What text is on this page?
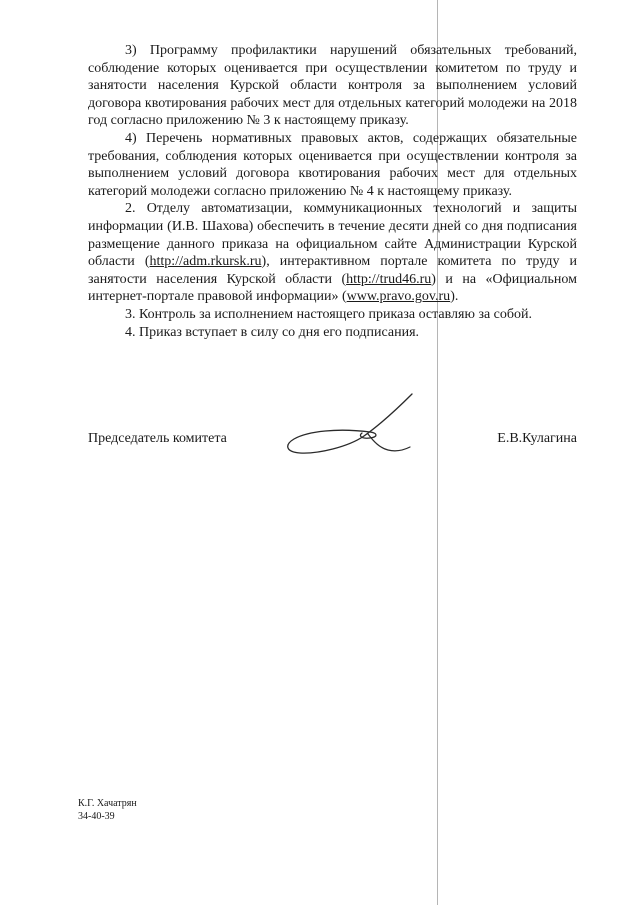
3) Программу профилактики нарушений обязательных требований, соблюдение которых оценивается при осуществлении комитетом по труду и занятости населения Курской области контроля за выполнением условий договора квотирования рабочих мест для отдельных категорий молодежи на 2018 год согласно приложению № 3 к настоящему приказу.

4) Перечень нормативных правовых актов, содержащих обязательные требования, соблюдения которых оценивается при осуществлении контроля за выполнением условий договора квотирования рабочих мест для отдельных категорий молодежи согласно приложению № 4 к настоящему приказу.

2. Отделу автоматизации, коммуникационных технологий и защиты информации (И.В. Шахова) обеспечить в течение десяти дней со дня подписания размещение данного приказа на официальном сайте Администрации Курской области (http://adm.rkursk.ru), интерактивном портале комитета по труду и занятости населения Курской области (http://trud46.ru) и на «Официальном интернет-портале правовой информации» (www.pravo.gov.ru).

3. Контроль за исполнением настоящего приказа оставляю за собой.

4. Приказ вступает в силу со дня его подписания.

Председатель комитета	Е.В.Кулагина
К.Г. Хачатрян
34-40-39
